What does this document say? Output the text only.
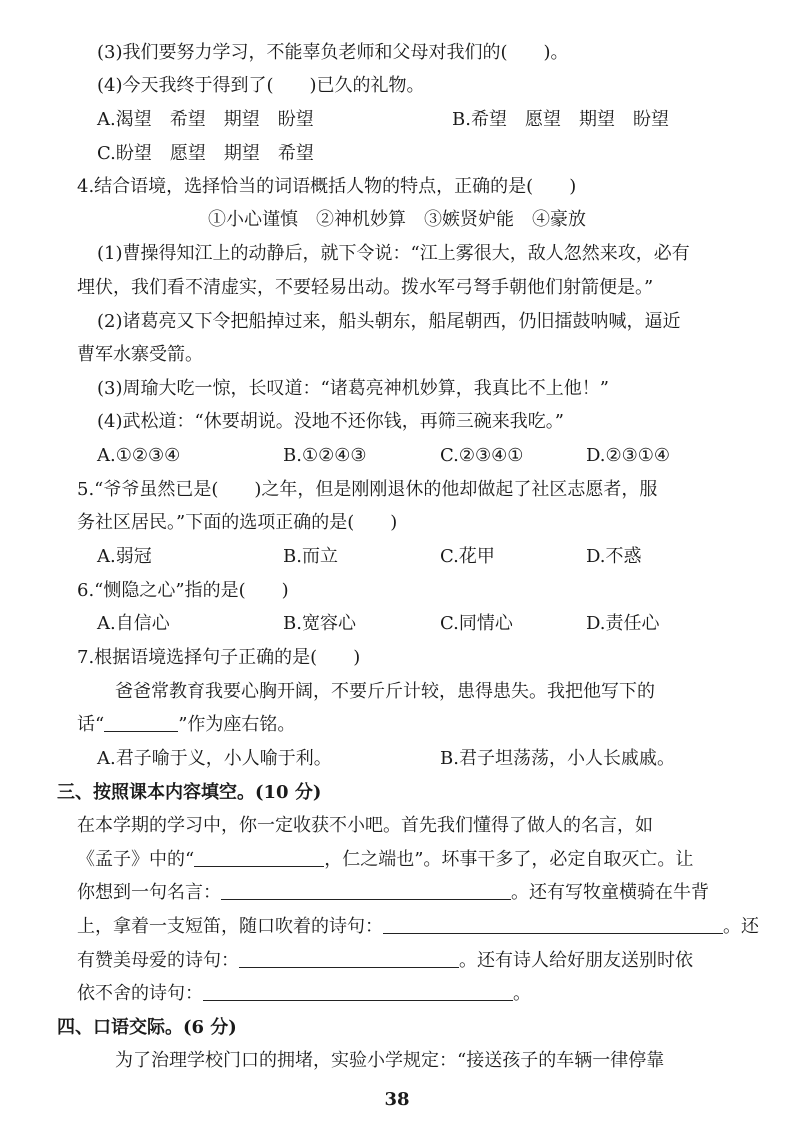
(3)我们要努力学习，不能辜负老师和父母对我们的(　　)。
(4)今天我终于得到了(　　)已久的礼物。
A.渴望　希望　期望　盼望	B.希望　愿望　期望　盼望
C.盼望　愿望　期望　希望
4.结合语境，选择恰当的词语概括人物的特点，正确的是(　　)
①小心谨慎　②神机妙算　③嫉贤妒能　④豪放
(1)曹操得知江上的动静后，就下令说：“江上雾很大，敌人忽然来攻，必有
埋伏，我们看不清虚实，不要轻易出动。拨水军弓弩手朝他们射箭便是。”
(2)诸葛亮又下令把船掉过来，船头朝东，船尾朝西，仍旧擂鼓呐喊，逼近
曹军水寨受箭。
(3)周瑜大吃一惊，长叹道：“诸葛亮神机妙算，我真比不上他！”
(4)武松道：“休要胡说。没地不还你钱，再筛三碗来我吃。”
A.①②③④	B.①②④③	C.②③④①	D.②③①④
5.“爷爷虽然已是(　　)之年，但是刚刚退休的他却做起了社区志愿者，服
务社区居民。”下面的选项正确的是(　　)
A.弱冠	B.而立	C.花甲	D.不惑
6.“恻隐之心”指的是(　　)
A.自信心	B.宽容心	C.同情心	D.责任心
7.根据语境选择句子正确的是(　　)
爸爸常教育我要心胸开阔，不要斤斤计较，患得患失。我把他写下的
话“	”作为座右铭。
A.君子喻于义，小人喻于利。	B.君子坦荡荡，小人长戚戚。
三、按照课本内容填空。(10 分)
在本学期的学习中，你一定收获不小吧。首先我们懂得了做人的名言，如
《孟子》中的“	，仁之端也”。坏事干多了，必定自取灭亡。让
你想到一句名言：	。还有写牧童横骑在牛背
上，拿着一支短笛，随口吹着的诗句：	。还
有赞美母爱的诗句：	。还有诗人给好朋友送别时依
依不舍的诗句：	。
四、口语交际。(6 分)
为了治理学校门口的拥堵，实验小学规定：“接送孩子的车辆一律停靠
38
